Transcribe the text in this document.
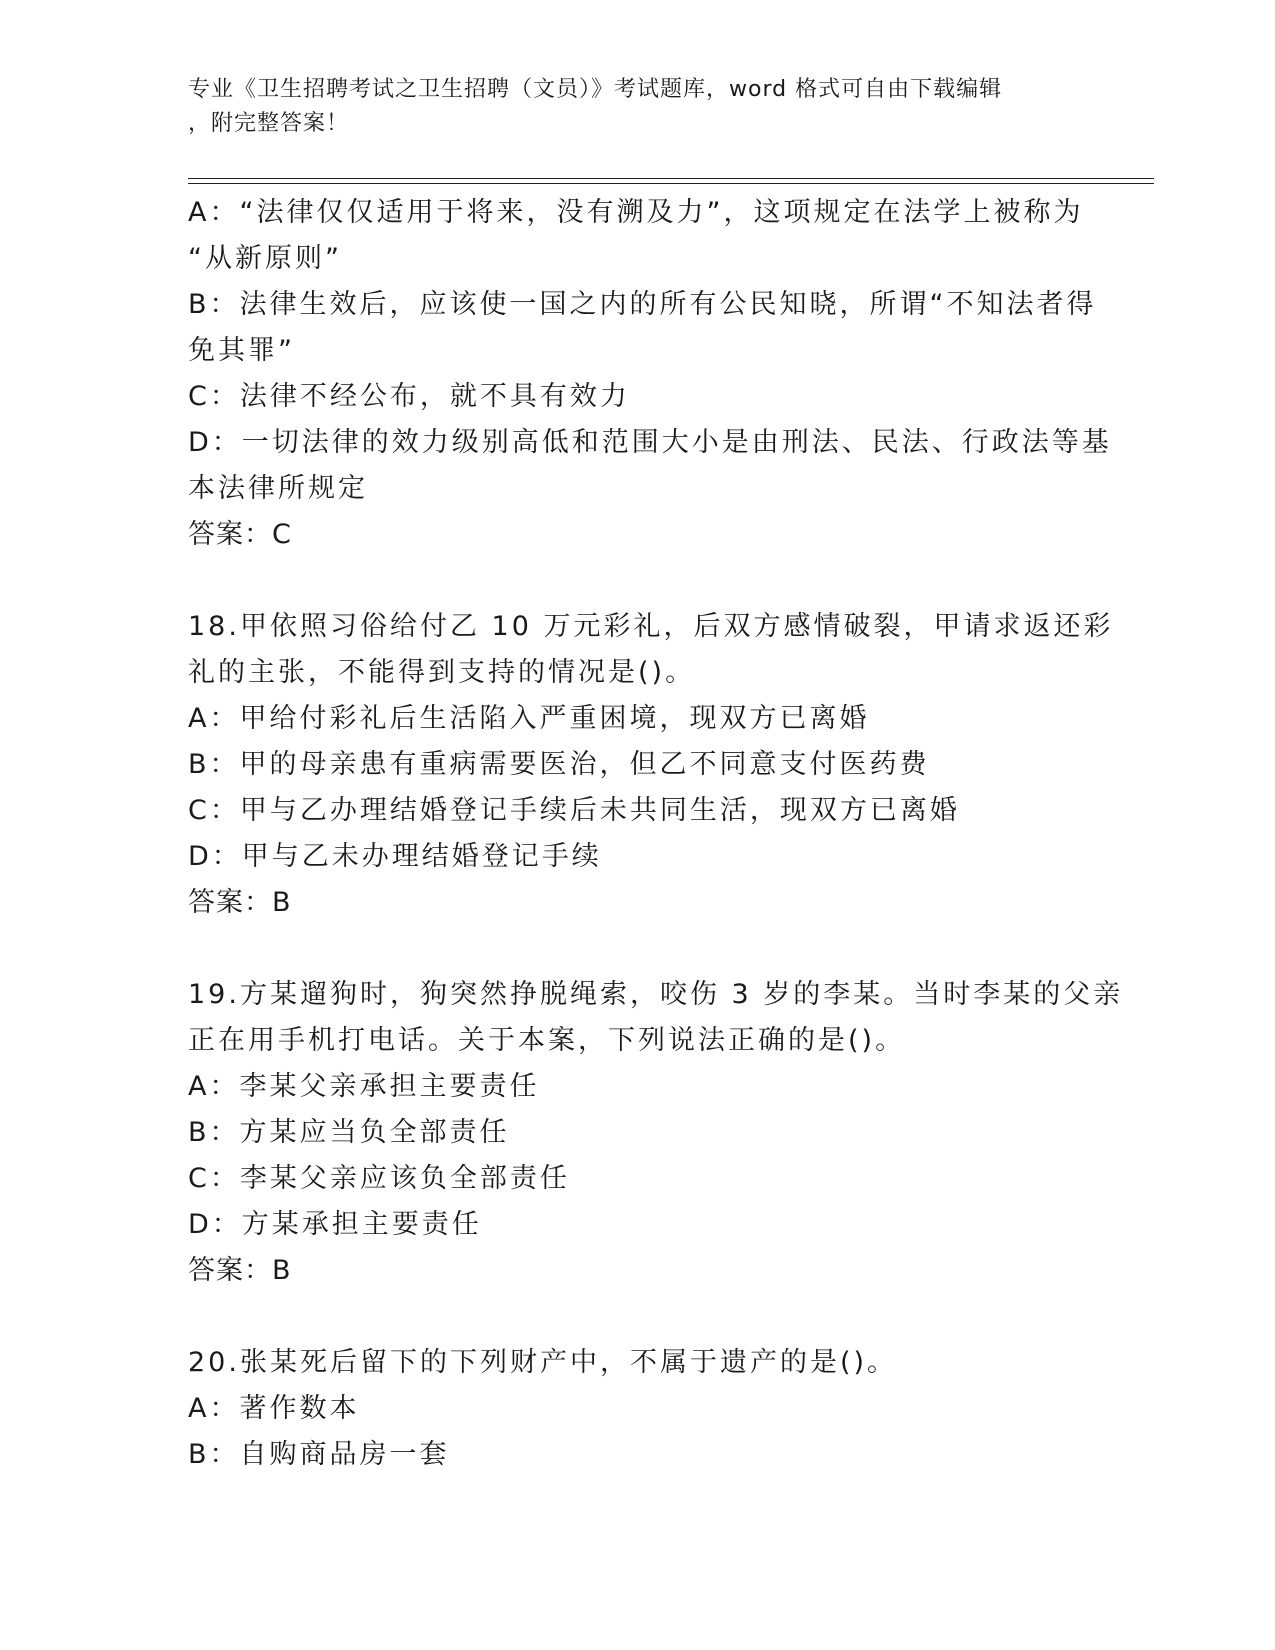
专业《卫生招聘考试之卫生招聘（文员）》考试题库，word 格式可自由下载编辑
，附完整答案！
A：“法律仅仅适用于将来，没有溯及力”，这项规定在法学上被称为
“从新原则”
B：法律生效后，应该使一国之内的所有公民知晓，所谓“不知法者得
免其罪”
C：法律不经公布，就不具有效力
D：一切法律的效力级别高低和范围大小是由刑法、民法、行政法等基
本法律所规定
答案：C
18.甲依照习俗给付乙 10 万元彩礼，后双方感情破裂，甲请求返还彩
礼的主张，不能得到支持的情况是()。
A：甲给付彩礼后生活陷入严重困境，现双方已离婚
B：甲的母亲患有重病需要医治，但乙不同意支付医药费
C：甲与乙办理结婚登记手续后未共同生活，现双方已离婚
D：甲与乙未办理结婚登记手续
答案：B
19.方某遛狗时，狗突然挣脱绳索，咬伤 3 岁的李某。当时李某的父亲
正在用手机打电话。关于本案，下列说法正确的是()。
A：李某父亲承担主要责任
B：方某应当负全部责任
C：李某父亲应该负全部责任
D：方某承担主要责任
答案：B
20.张某死后留下的下列财产中，不属于遗产的是()。
A：著作数本
B：自购商品房一套
